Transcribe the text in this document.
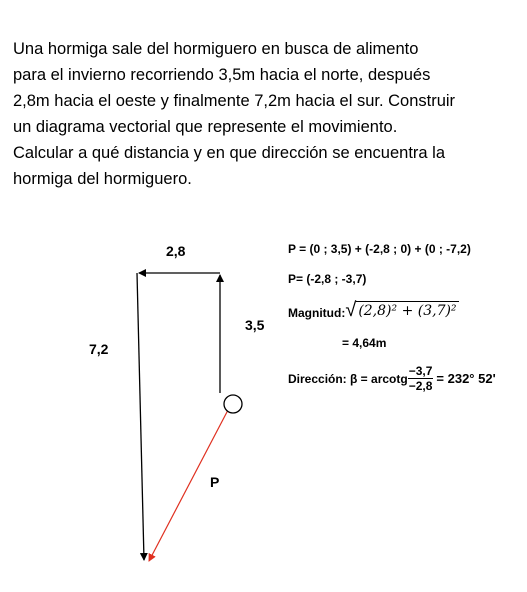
Una hormiga sale del hormiguero en busca de alimento
para el invierno recorriendo 3,5m hacia el norte, después
2,8m hacia el oeste y finalmente 7,2m hacia el sur. Construir
un diagrama vectorial que represente el movimiento.
Calcular a qué distancia y en que dirección se encuentra la
hormiga del hormiguero.
2,8
3,5
7,2
P
P = (0 ; 3,5) + (-2,8 ; 0) + (0 ; -7,2)
P= (-2,8 ; -3,7)
Magnitud: √ (2,8)² + (3,7)²
= 4,64m
Dirección: β = arcotg $\frac{-3,7}{-2,8} = 232^\circ$ 52'
